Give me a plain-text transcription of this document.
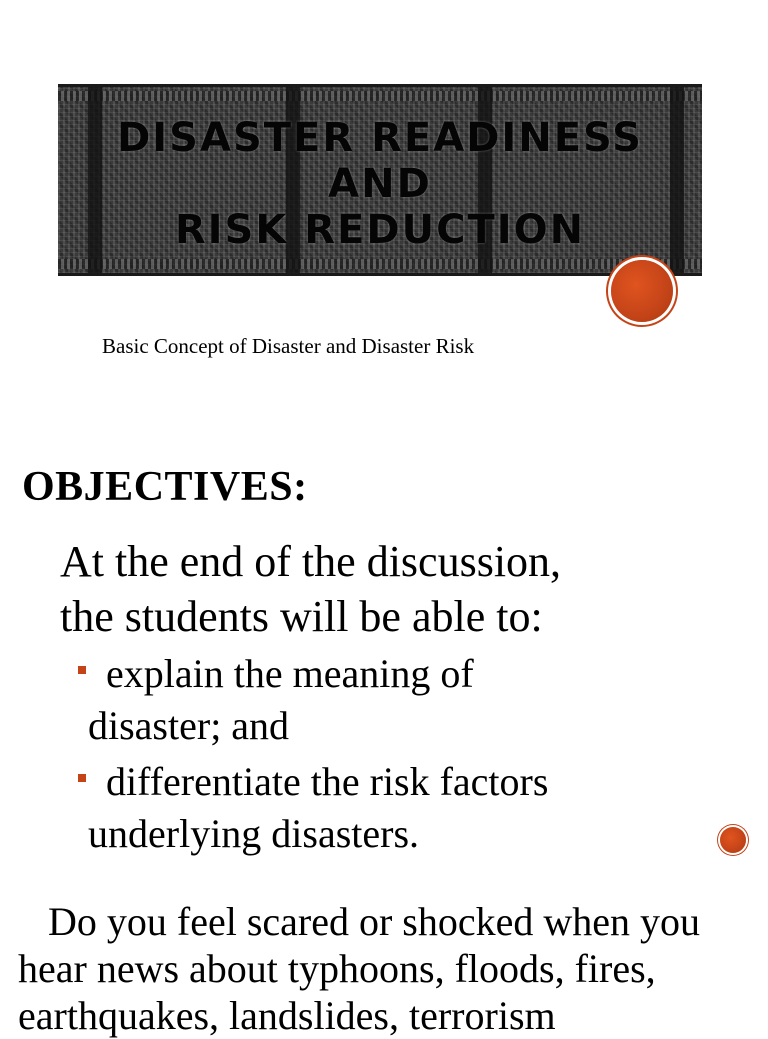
DISASTER READINESS
AND
RISK REDUCTION
Basic Concept of Disaster and Disaster Risk
OBJECTIVES:
At the end of the discussion,
the students will be able to:
explain the meaning of
disaster; and
differentiate the risk factors
underlying disasters.
Do you feel scared or shocked when you
hear news about typhoons, floods, fires,
earthquakes, landslides, terrorism
